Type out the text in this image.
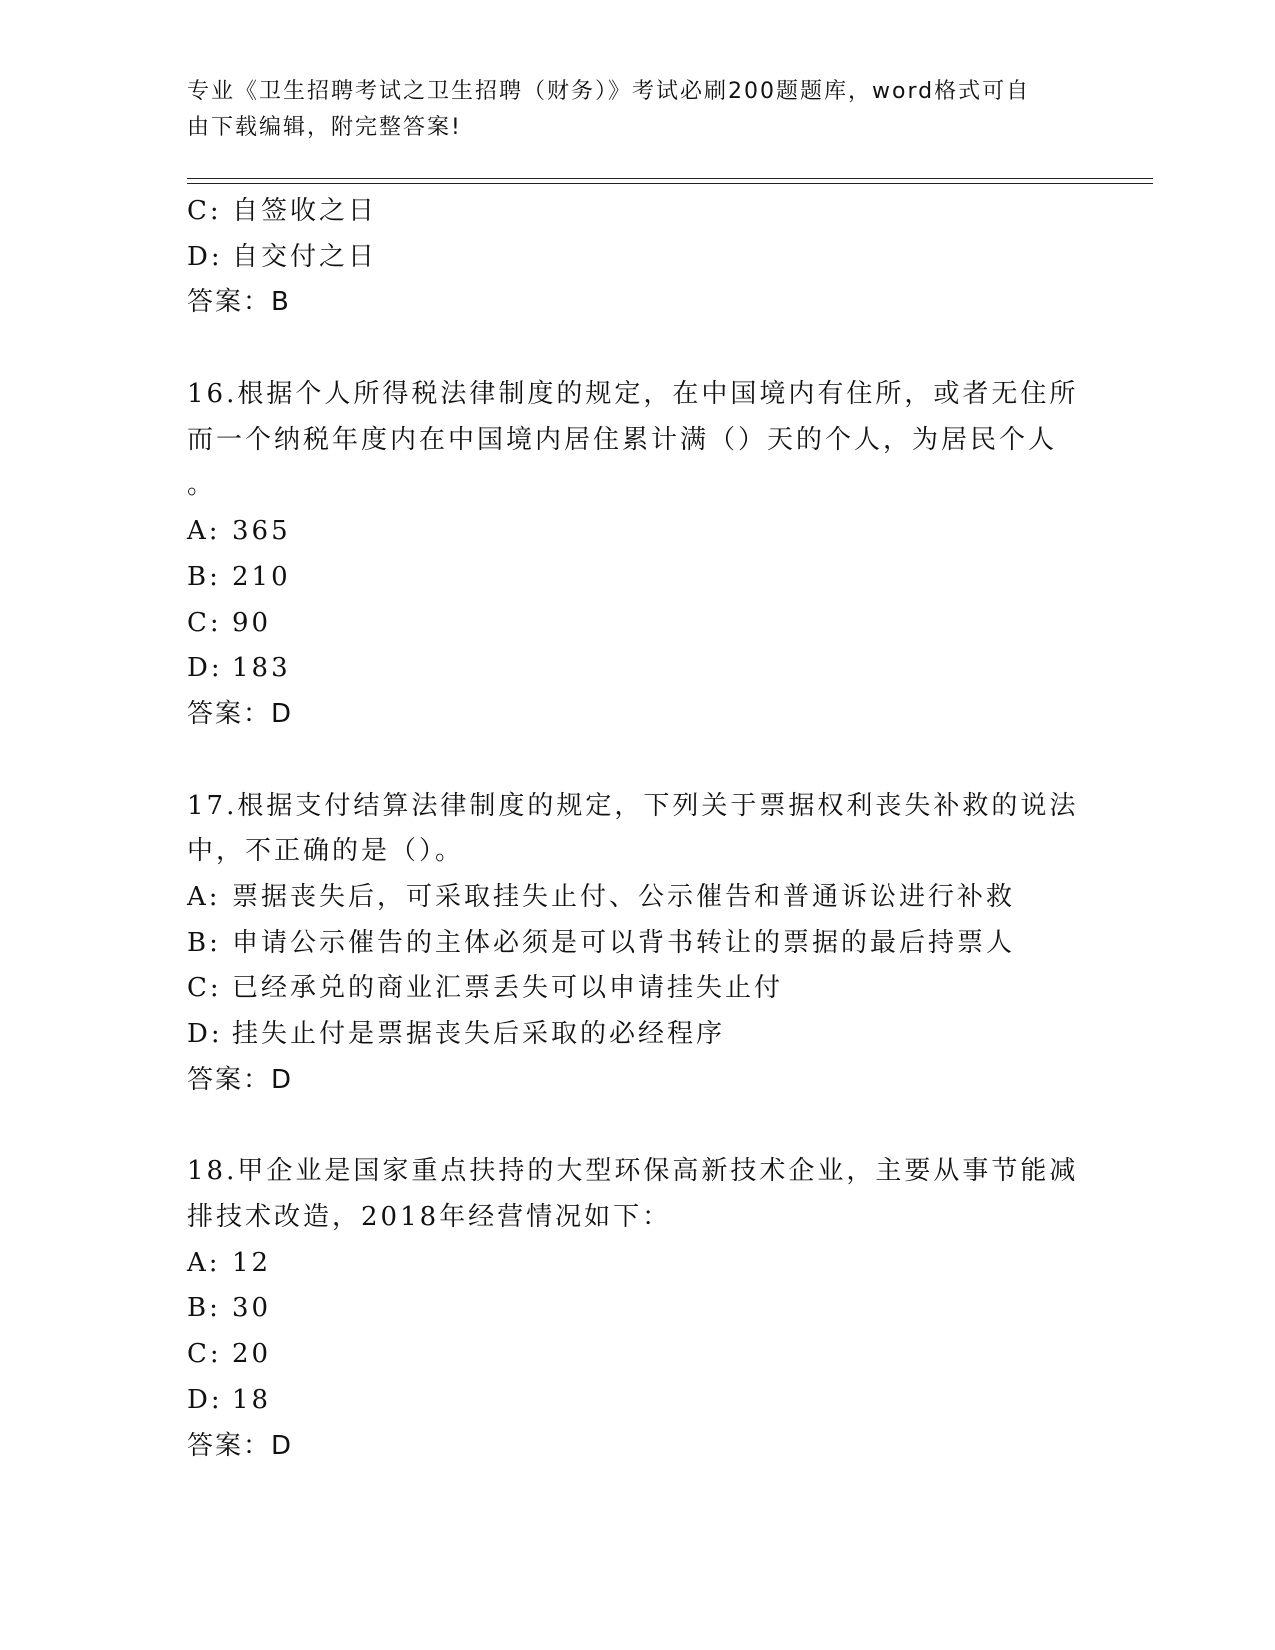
专业《卫生招聘考试之卫生招聘（财务）》考试必刷200题题库，word格式可自
由下载编辑，附完整答案!
C: 自签收之日
D: 自交付之日
答案：B
16.根据个人所得税法律制度的规定，在中国境内有住所，或者无住所
而一个纳税年度内在中国境内居住累计满（）天的个人，为居民个人
。
A: 365
B: 210
C: 90
D: 183
答案：D
17.根据支付结算法律制度的规定，下列关于票据权利丧失补救的说法
中，不正确的是（）。
A: 票据丧失后，可采取挂失止付、公示催告和普通诉讼进行补救
B: 申请公示催告的主体必须是可以背书转让的票据的最后持票人
C: 已经承兑的商业汇票丢失可以申请挂失止付
D: 挂失止付是票据丧失后采取的必经程序
答案：D
18.甲企业是国家重点扶持的大型环保高新技术企业，主要从事节能减
排技术改造，2018年经营情况如下：
A: 12
B: 30
C: 20
D: 18
答案：D
